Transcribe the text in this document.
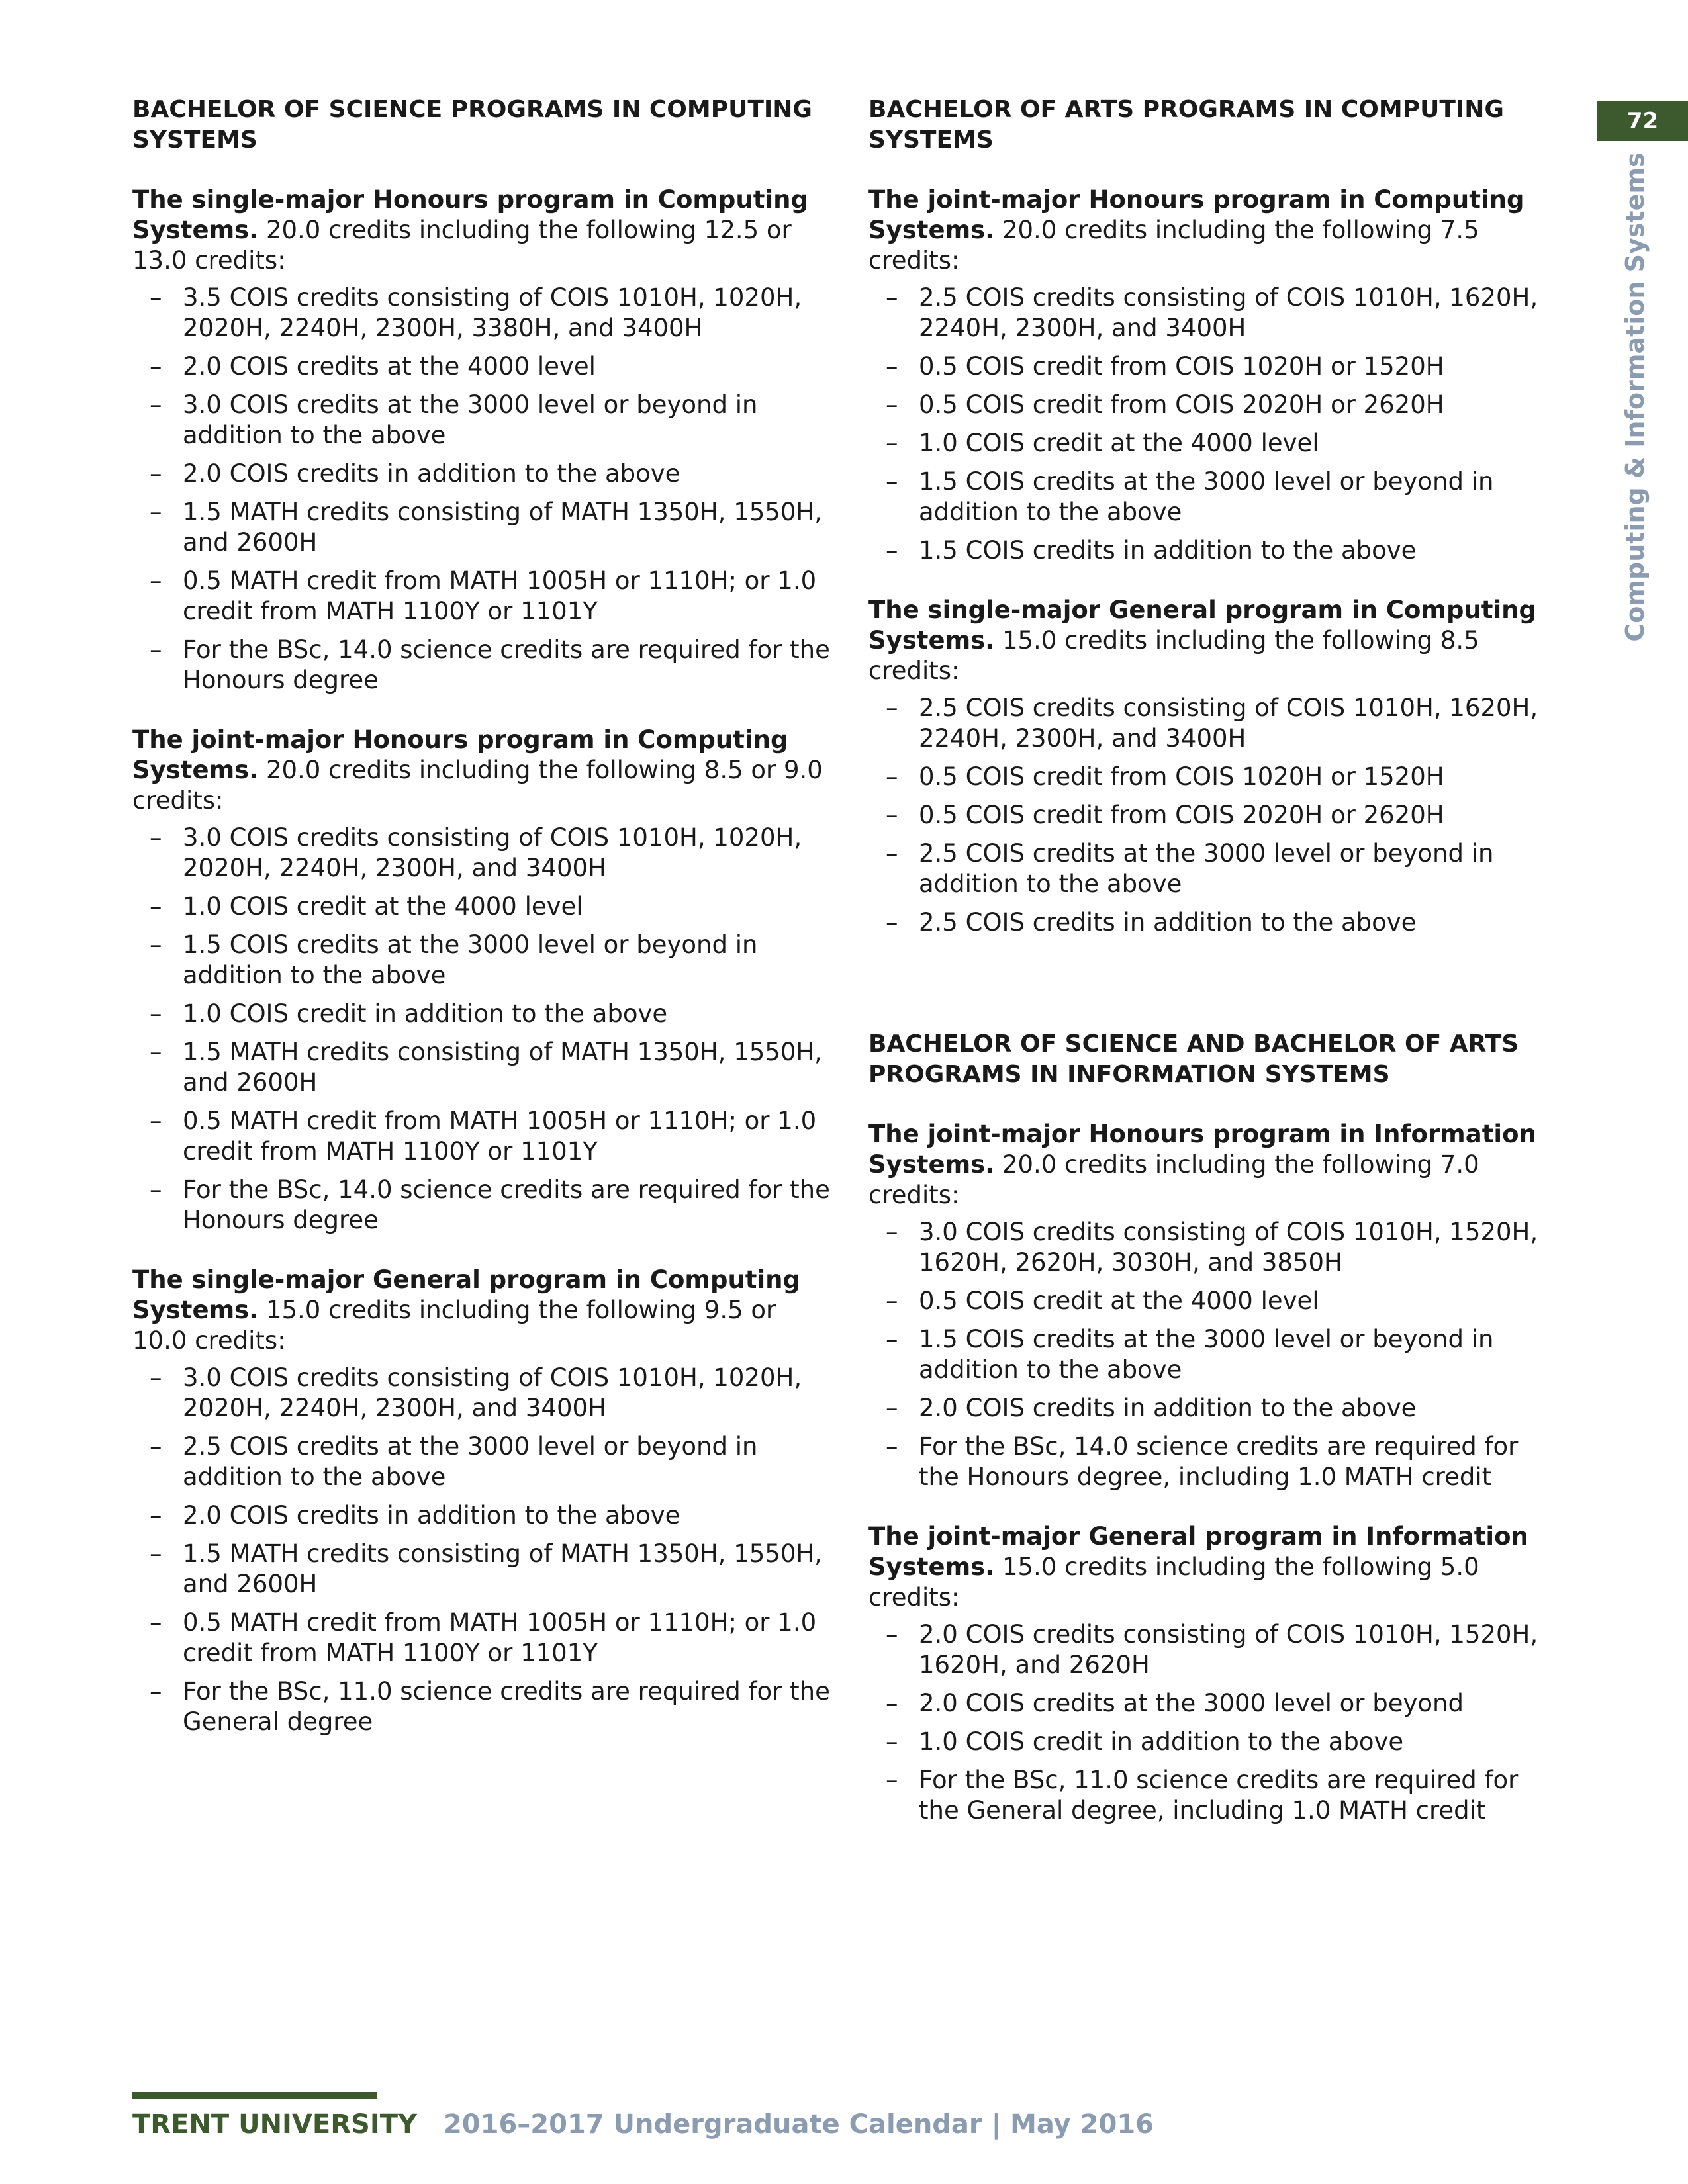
72
Computing & Information Systems
BACHELOR OF SCIENCE PROGRAMS IN COMPUTING SYSTEMS

The single-major Honours program in Computing Systems. 20.0 credits including the following 12.5 or 13.0 credits:

– 3.5 COIS credits consisting of COIS 1010H, 1020H, 2020H, 2240H, 2300H, 3380H, and 3400H
– 2.0 COIS credits at the 4000 level
– 3.0 COIS credits at the 3000 level or beyond in addition to the above
– 2.0 COIS credits in addition to the above
– 1.5 MATH credits consisting of MATH 1350H, 1550H, and 2600H
– 0.5 MATH credit from MATH 1005H or 1110H; or 1.0 credit from MATH 1100Y or 1101Y
– For the BSc, 14.0 science credits are required for the Honours degree

The joint-major Honours program in Computing Systems. 20.0 credits including the following 8.5 or 9.0 credits:

– 3.0 COIS credits consisting of COIS 1010H, 1020H, 2020H, 2240H, 2300H, and 3400H
– 1.0 COIS credit at the 4000 level
– 1.5 COIS credits at the 3000 level or beyond in addition to the above
– 1.0 COIS credit in addition to the above
– 1.5 MATH credits consisting of MATH 1350H, 1550H, and 2600H
– 0.5 MATH credit from MATH 1005H or 1110H; or 1.0 credit from MATH 1100Y or 1101Y
– For the BSc, 14.0 science credits are required for the Honours degree

The single-major General program in Computing Systems. 15.0 credits including the following 9.5 or 10.0 credits:

– 3.0 COIS credits consisting of COIS 1010H, 1020H, 2020H, 2240H, 2300H, and 3400H
– 2.5 COIS credits at the 3000 level or beyond in addition to the above
– 2.0 COIS credits in addition to the above
– 1.5 MATH credits consisting of MATH 1350H, 1550H, and 2600H
– 0.5 MATH credit from MATH 1005H or 1110H; or 1.0 credit from MATH 1100Y or 1101Y
– For the BSc, 11.0 science credits are required for the General degree
BACHELOR OF ARTS PROGRAMS IN COMPUTING SYSTEMS

The joint-major Honours program in Computing Systems. 20.0 credits including the following 7.5 credits:

– 2.5 COIS credits consisting of COIS 1010H, 1620H, 2240H, 2300H, and 3400H
– 0.5 COIS credit from COIS 1020H or 1520H
– 0.5 COIS credit from COIS 2020H or 2620H
– 1.0 COIS credit at the 4000 level
– 1.5 COIS credits at the 3000 level or beyond in addition to the above
– 1.5 COIS credits in addition to the above

The single-major General program in Computing Systems. 15.0 credits including the following 8.5 credits:

– 2.5 COIS credits consisting of COIS 1010H, 1620H, 2240H, 2300H, and 3400H
– 0.5 COIS credit from COIS 1020H or 1520H
– 0.5 COIS credit from COIS 2020H or 2620H
– 2.5 COIS credits at the 3000 level or beyond in addition to the above
– 2.5 COIS credits in addition to the above
BACHELOR OF SCIENCE AND BACHELOR OF ARTS PROGRAMS IN INFORMATION SYSTEMS

The joint-major Honours program in Information Systems. 20.0 credits including the following 7.0 credits:

– 3.0 COIS credits consisting of COIS 1010H, 1520H, 1620H, 2620H, 3030H, and 3850H
– 0.5 COIS credit at the 4000 level
– 1.5 COIS credits at the 3000 level or beyond in addition to the above
– 2.0 COIS credits in addition to the above
– For the BSc, 14.0 science credits are required for the Honours degree, including 1.0 MATH credit

The joint-major General program in Information Systems. 15.0 credits including the following 5.0 credits:

– 2.0 COIS credits consisting of COIS 1010H, 1520H, 1620H, and 2620H
– 2.0 COIS credits at the 3000 level or beyond
– 1.0 COIS credit in addition to the above
– For the BSc, 11.0 science credits are required for the General degree, including 1.0 MATH credit
TRENT UNIVERSITY 2016–2017 Undergraduate Calendar | May 2016
